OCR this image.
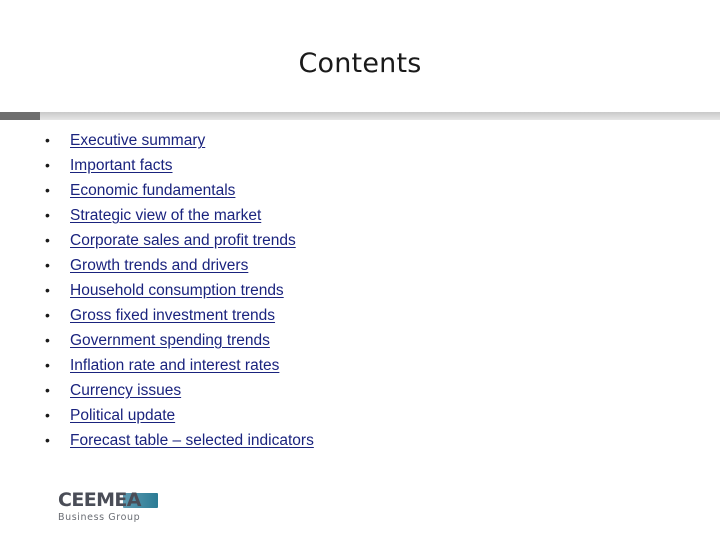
Contents
• Executive summary
• Important facts
• Economic fundamentals
• Strategic view of the market
• Corporate sales and profit trends
• Growth trends and drivers
• Household consumption trends
• Gross fixed investment trends
• Government spending trends
• Inflation rate and interest rates
• Currency issues
• Political update
• Forecast table – selected indicators
CEEMEA
Business Group
